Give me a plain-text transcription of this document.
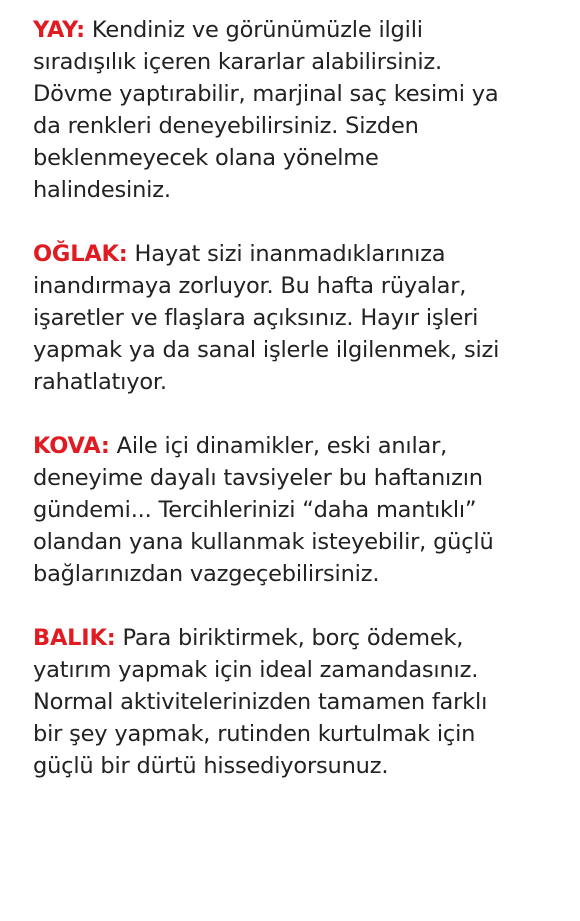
YAY: Kendiniz ve görünümüzle ilgili
sıradışılık içeren kararlar alabilirsiniz.
Dövme yaptırabilir, marjinal saç kesimi ya
da renkleri deneyebilirsiniz. Sizden
beklenmeyecek olana yönelme
halindesiniz.
OĞLAK: Hayat sizi inanmadıklarınıza
inandırmaya zorluyor. Bu hafta rüyalar,
işaretler ve flaşlara açıksınız. Hayır işleri
yapmak ya da sanal işlerle ilgilenmek, sizi
rahatlatıyor.
KOVA: Aile içi dinamikler, eski anılar,
deneyime dayalı tavsiyeler bu haftanızın
gündemi... Tercihlerinizi “daha mantıklı”
olandan yana kullanmak isteyebilir, güçlü
bağlarınızdan vazgeçebilirsiniz.
BALIK: Para biriktirmek, borç ödemek,
yatırım yapmak için ideal zamandasınız.
Normal aktivitelerinizden tamamen farklı
bir şey yapmak, rutinden kurtulmak için
güçlü bir dürtü hissediyorsunuz.
